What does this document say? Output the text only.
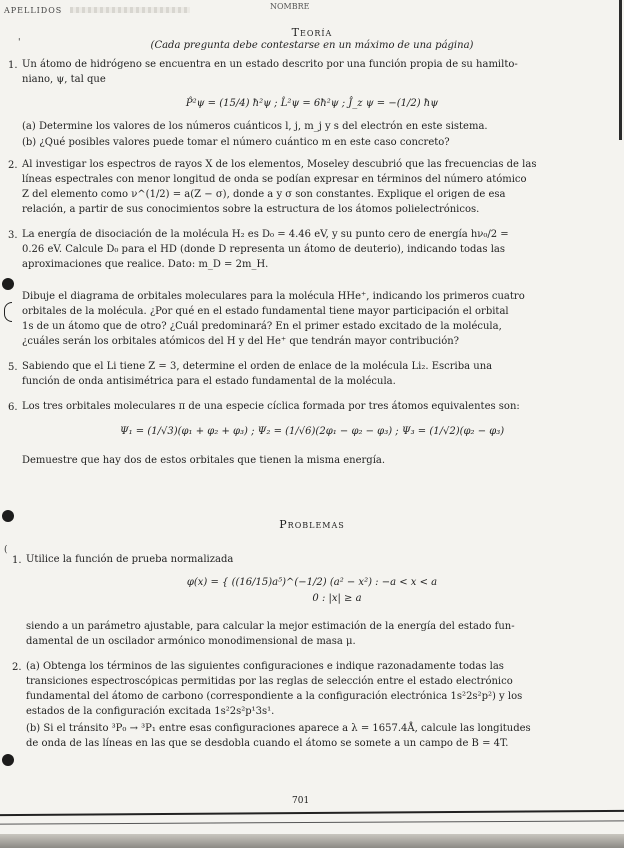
APELLIDOS	NOMBRE
Teoría
(Cada pregunta debe contestarse en un máximo de una página)
'
1. Un átomo de hidrógeno se encuentra en un estado descrito por una función propia de su hamilto-
niano, ψ, tal que
P̂²ψ = (15/4) ħ²ψ ; L̂²ψ = 6ħ²ψ ; Ĵ_z ψ = −(1/2) ħψ
(a) Determine los valores de los números cuánticos l, j, m_j y s del electrón en este sistema.
(b) ¿Qué posibles valores puede tomar el número cuántico m en este caso concreto?
2. Al investigar los espectros de rayos X de los elementos, Moseley descubrió que las frecuencias de las
líneas espectrales con menor longitud de onda se podían expresar en términos del número atómico
Z del elemento como ν^(1/2) = a(Z − σ), donde a y σ son constantes. Explique el origen de esa
relación, a partir de sus conocimientos sobre la estructura de los átomos polielectrónicos.
3. La energía de disociación de la molécula H₂ es D₀ = 4.46 eV, y su punto cero de energía hν₀/2 =
0.26 eV. Calcule D₀ para el HD (donde D representa un átomo de deuterio), indicando todas las
aproximaciones que realice. Dato: m_D = 2m_H.
Dibuje el diagrama de orbitales moleculares para la molécula HHe⁺, indicando los primeros cuatro
orbitales de la molécula. ¿Por qué en el estado fundamental tiene mayor participación el orbital
1s de un átomo que de otro? ¿Cuál predominará? En el primer estado excitado de la molécula,
¿cuáles serán los orbitales atómicos del H y del He⁺ que tendrán mayor contribución?
5. Sabiendo que el Li tiene Z = 3, determine el orden de enlace de la molécula Li₂. Escriba una
función de onda antisimétrica para el estado fundamental de la molécula.
6. Los tres orbitales moleculares π de una especie cíclica formada por tres átomos equivalentes son:
Ψ₁ = (1/√3)(φ₁ + φ₂ + φ₃) ; Ψ₂ = (1/√6)(2φ₁ − φ₂ − φ₃) ; Ψ₃ = (1/√2)(φ₂ − φ₃)
Demuestre que hay dos de estos orbitales que tienen la misma energía.
Problemas
(
1. Utilice la función de prueba normalizada
φ(x) = { ((16/15)a⁵)^(−1/2) (a² − x²) : −a < x < a
0 : |x| ≥ a
siendo a un parámetro ajustable, para calcular la mejor estimación de la energía del estado fun-
damental de un oscilador armónico monodimensional de masa μ.
2. (a) Obtenga los términos de las siguientes configuraciones e indique razonadamente todas las
transiciones espectroscópicas permitidas por las reglas de selección entre el estado electrónico
fundamental del átomo de carbono (correspondiente a la configuración electrónica 1s²2s²p²) y los
estados de la configuración excitada 1s²2s²p¹3s¹.
(b) Si el tránsito ³P₀ → ³P₁ entre esas configuraciones aparece a λ = 1657.4Å, calcule las longitudes
de onda de las líneas en las que se desdobla cuando el átomo se somete a un campo de B = 4T.
701
